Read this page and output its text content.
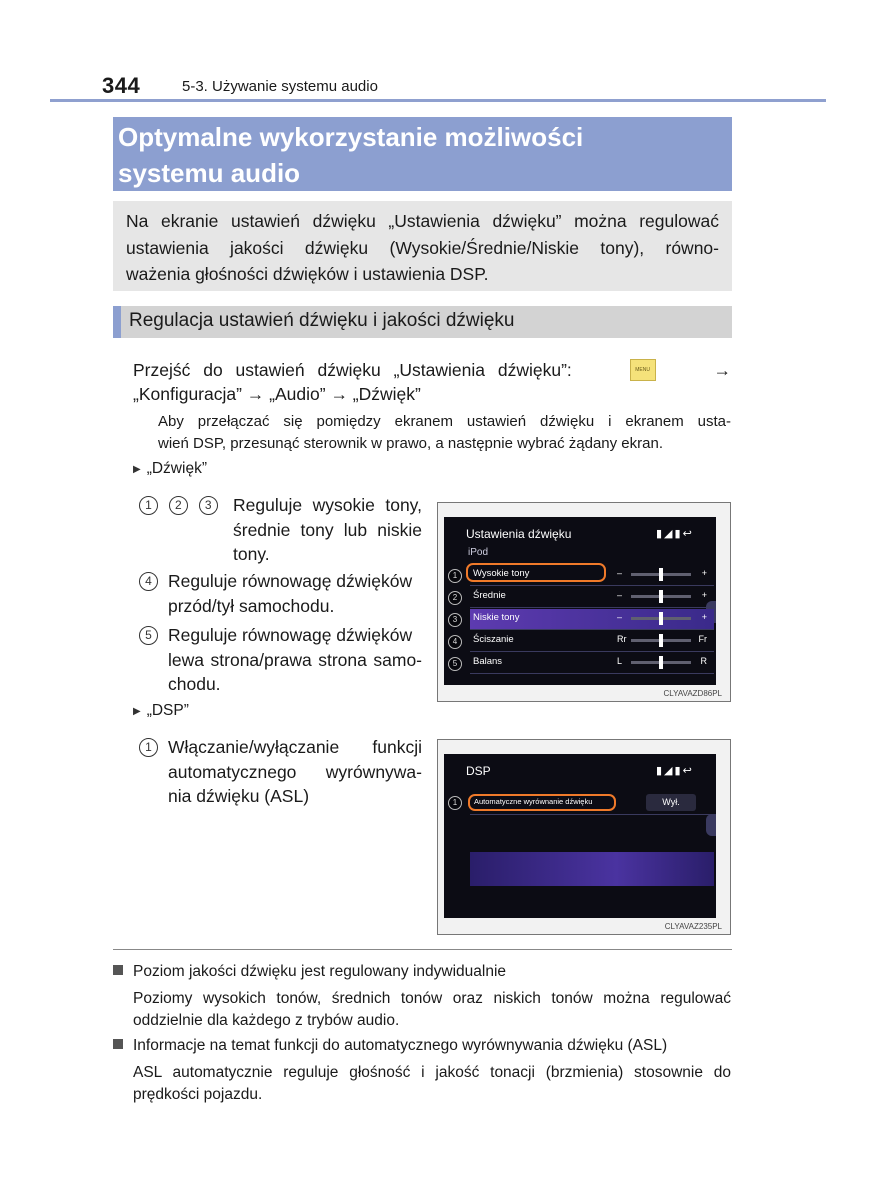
344	5-3. Używanie systemu audio
Optymalne wykorzystanie możliwości
systemu audio
Na ekranie ustawień dźwięku „Ustawienia dźwięku” można regulować
ustawienia jakości dźwięku (Wysokie/Średnie/Niskie tony), równo-
ważenia głośności dźwięków i ustawienia DSP.
Regulacja ustawień dźwięku i jakości dźwięku
Przejść do ustawień dźwięku „Ustawienia dźwięku”:	MENU	→
„Konfiguracja” → „Audio” → „Dźwięk”
Aby przełączać się pomiędzy ekranem ustawień dźwięku i ekranem usta-
wień DSP, przesunąć sterownik w prawo, a następnie wybrać żądany ekran.
▶ „Dźwięk”
1 2 3	Reguluje wysokie tony,
średnie tony lub niskie
tony.
4 Reguluje równowagę dźwięków
przód/tył samochodu.
5 Reguluje równowagę dźwięków
lewa strona/prawa strona samo-
chodu.
▶ „DSP”
1 Włączanie/wyłączanie funkcji
automatycznego wyrównywa-
nia dźwięku (ASL)
Ustawienia dźwięku
iPod
▮◢▮↩
Wysokie tony	–	+
Średnie	–	+
Niskie tony	–	+
Ściszanie	Rr	Fr
Balans	L	R
1
2
3
4
5
CLYAVAZD86PL
DSP	▮◢▮↩
Automatyczne wyrównanie dźwięku	Wył.
1
CLYAVAZ235PL
Poziom jakości dźwięku jest regulowany indywidualnie
Poziomy wysokich tonów, średnich tonów oraz niskich tonów można regulować
oddzielnie dla każdego z trybów audio.
Informacje na temat funkcji do automatycznego wyrównywania dźwięku (ASL)
ASL automatycznie reguluje głośność i jakość tonacji (brzmienia) stosownie do
prędkości pojazdu.
